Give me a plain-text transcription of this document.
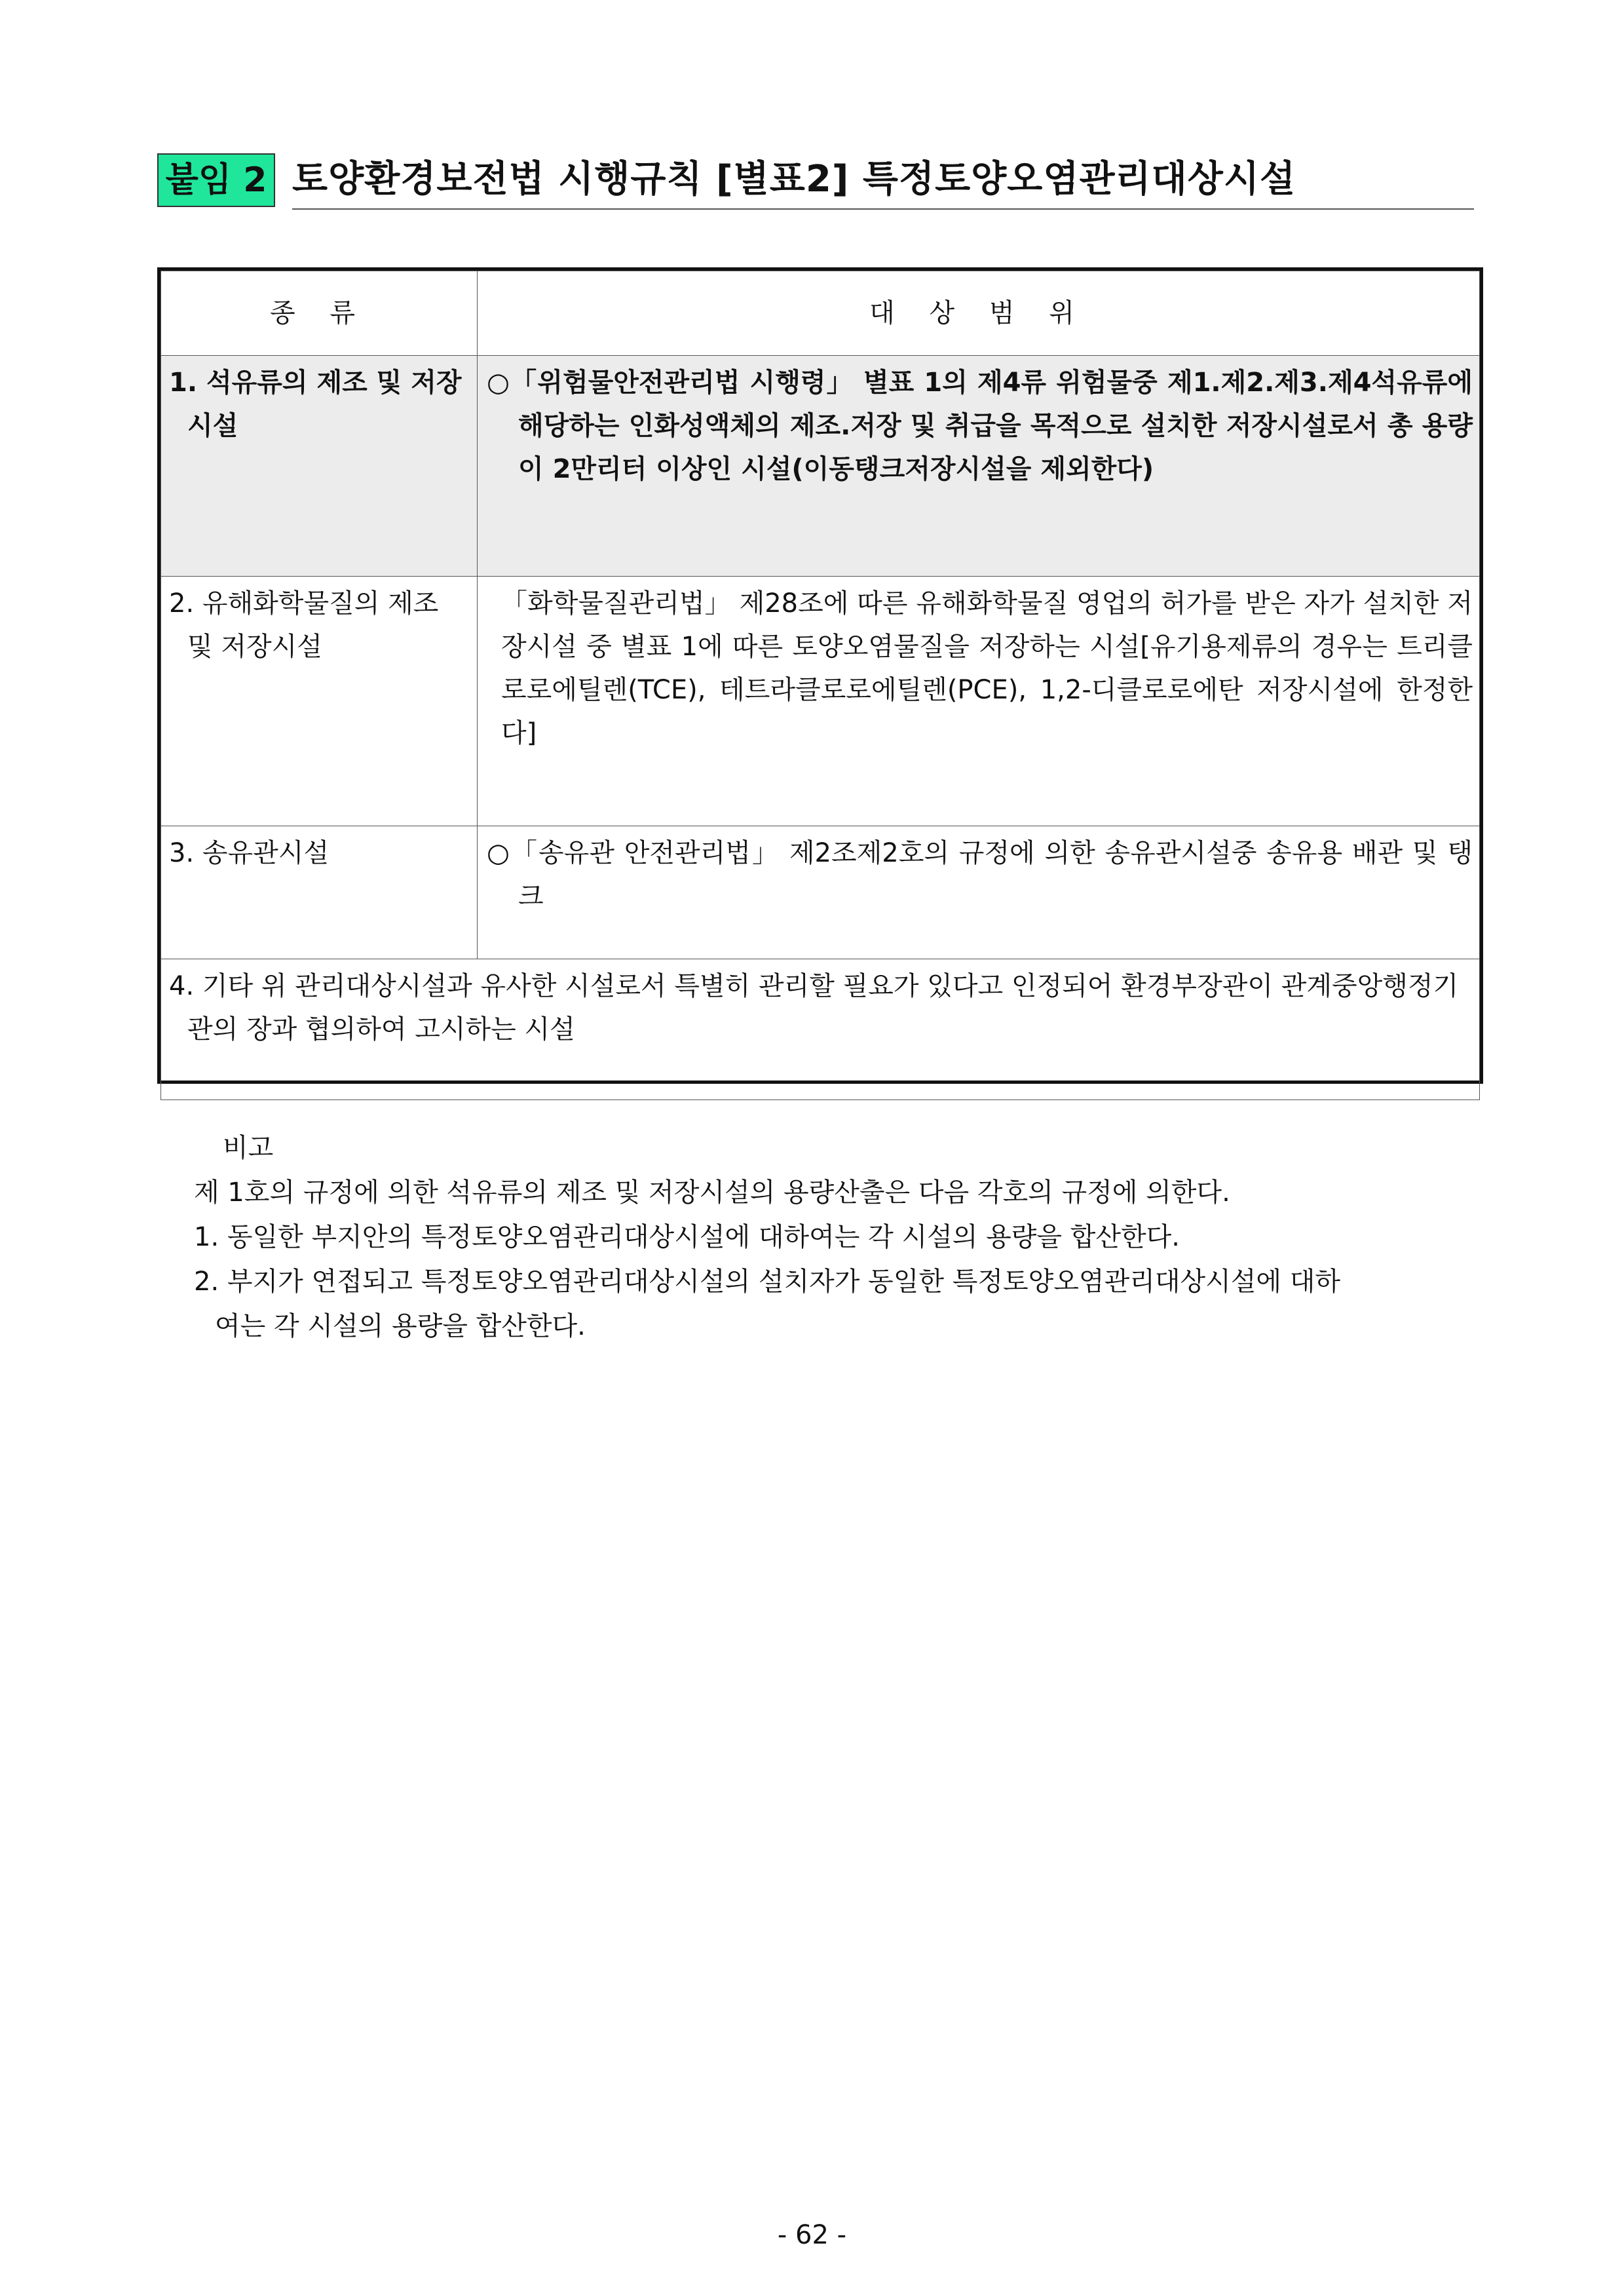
붙임 2 토양환경보전법 시행규칙 [별표2] 특정토양오염관리대상시설
종 류	대 상 범 위
1. 석유류의 제조 및 저장시설	○「위험물안전관리법 시행령」 별표 1의 제4류 위험물중 제1.제2.제3.제4석유류에 해당하는 인화성액체의 제조.저장 및 취급을 목적으로 설치한 저장시설로서 총 용량이 2만리터 이상인 시설(이동탱크저장시설을 제외한다)
2. 유해화학물질의 제조 및 저장시설	「화학물질관리법」 제28조에 따른 유해화학물질 영업의 허가를 받은 자가 설치한 저장시설 중 별표 1에 따른 토양오염물질을 저장하는 시설[유기용제류의 경우는 트리클로로에틸렌(TCE), 테트라클로로에틸렌(PCE), 1,2-디클로로에탄 저장시설에 한정한다]
3. 송유관시설	○「송유관 안전관리법」 제2조제2호의 규정에 의한 송유관시설중 송유용 배관 및 탱크
4. 기타 위 관리대상시설과 유사한 시설로서 특별히 관리할 필요가 있다고 인정되어 환경부장관이 관계중앙행정기관의 장과 협의하여 고시하는 시설	
비고
제 1호의 규정에 의한 석유류의 제조 및 저장시설의 용량산출은 다음 각호의 규정에 의한다.
1. 동일한 부지안의 특정토양오염관리대상시설에 대하여는 각 시설의 용량을 합산한다.
2. 부지가 연접되고 특정토양오염관리대상시설의 설치자가 동일한 특정토양오염관리대상시설에 대하
여는 각 시설의 용량을 합산한다.
- 62 -
